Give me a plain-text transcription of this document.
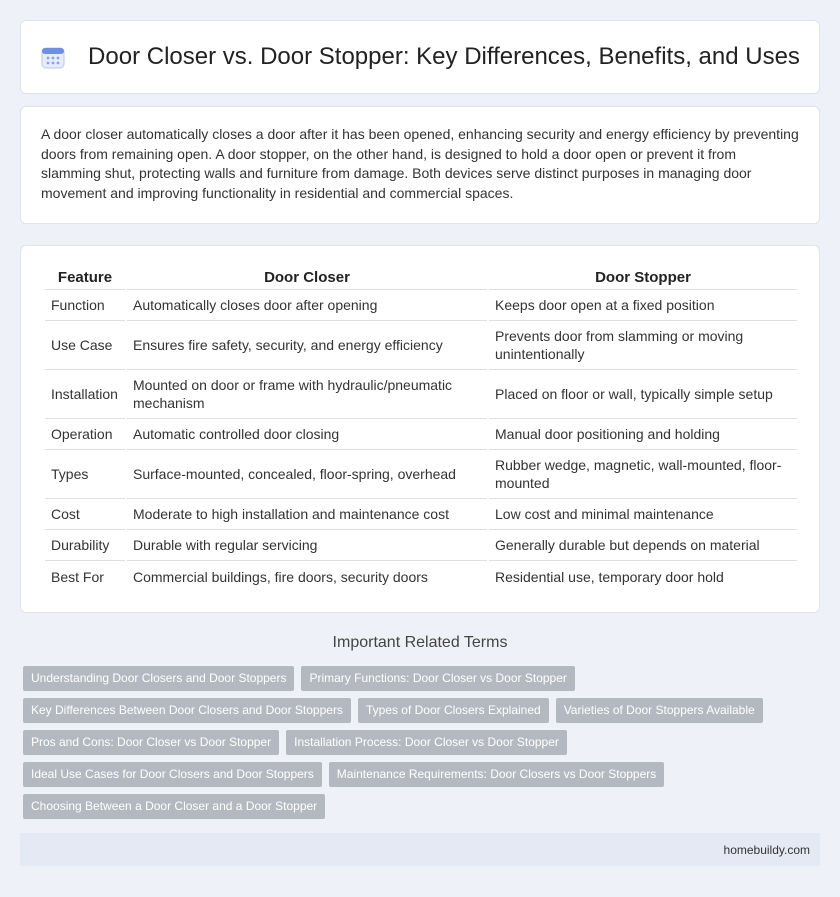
Door Closer vs. Door Stopper: Key Differences, Benefits, and Uses

A door closer automatically closes a door after it has been opened, enhancing security and energy efficiency by preventing doors from remaining open. A door stopper, on the other hand, is designed to hold a door open or prevent it from slamming shut, protecting walls and furniture from damage. Both devices serve distinct purposes in managing door movement and improving functionality in residential and commercial spaces.

Feature	Door Closer	Door Stopper
Function	Automatically closes door after opening	Keeps door open at a fixed position
Use Case	Ensures fire safety, security, and energy efficiency	Prevents door from slamming or moving unintentionally
Installation	Mounted on door or frame with hydraulic/pneumatic mechanism	Placed on floor or wall, typically simple setup
Operation	Automatic controlled door closing	Manual door positioning and holding
Types	Surface-mounted, concealed, floor-spring, overhead	Rubber wedge, magnetic, wall-mounted, floor-mounted
Cost	Moderate to high installation and maintenance cost	Low cost and minimal maintenance
Durability	Durable with regular servicing	Generally durable but depends on material
Best For	Commercial buildings, fire doors, security doors	Residential use, temporary door hold
Important Related Terms
Understanding Door Closers and Door Stoppers	Primary Functions: Door Closer vs Door Stopper
Key Differences Between Door Closers and Door Stoppers	Types of Door Closers Explained	Varieties of Door Stoppers Available
Pros and Cons: Door Closer vs Door Stopper	Installation Process: Door Closer vs Door Stopper
Ideal Use Cases for Door Closers and Door Stoppers	Maintenance Requirements: Door Closers vs Door Stoppers
Choosing Between a Door Closer and a Door Stopper
homebuildy.com
